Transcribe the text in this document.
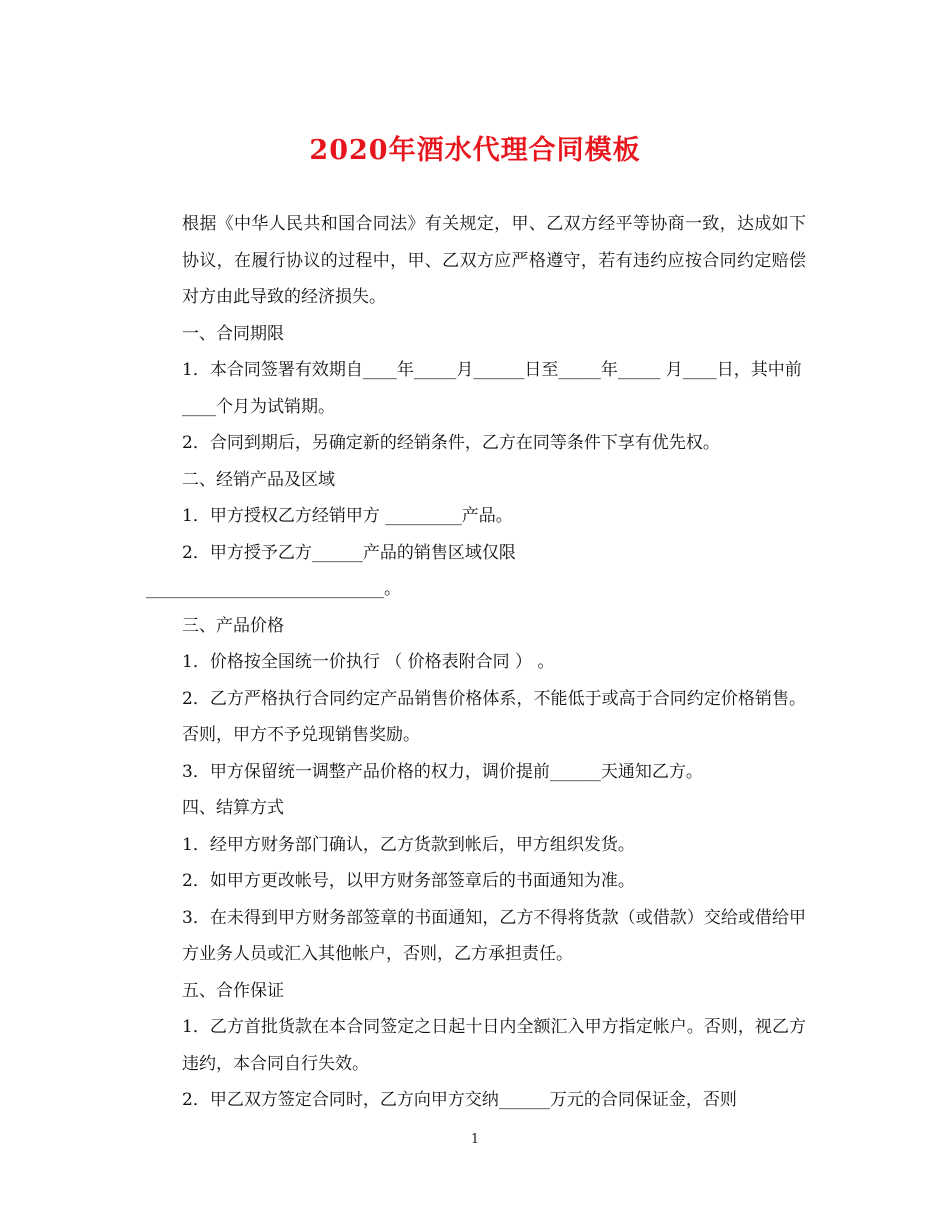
2020年酒水代理合同模板

根据《中华人民共和国合同法》有关规定，甲、乙双方经平等协商一致，达成如下协议，在履行协议的过程中，甲、乙双方应严格遵守，若有违约应按合同约定赔偿对方由此导致的经济损失。

一、合同期限

1．本合同签署有效期自____年_____月______日至_____年_____ 月____日，其中前____个月为试销期。

2．合同到期后，另确定新的经销条件，乙方在同等条件下享有优先权。

二、经销产品及区域

1．甲方授权乙方经销甲方 _________产品。

2．甲方授予乙方______产品的销售区域仅限

____________________________。

三、产品价格

1．价格按全国统一价执行 （ 价格表附合同 ） 。

2．乙方严格执行合同约定产品销售价格体系，不能低于或高于合同约定价格销售。否则，甲方不予兑现销售奖励。

3．甲方保留统一调整产品价格的权力，调价提前______天通知乙方。

四、结算方式

1．经甲方财务部门确认，乙方货款到帐后，甲方组织发货。

2．如甲方更改帐号，以甲方财务部签章后的书面通知为准。

3．在未得到甲方财务部签章的书面通知，乙方不得将货款（或借款）交给或借给甲方业务人员或汇入其他帐户，否则，乙方承担责任。

五、合作保证

1．乙方首批货款在本合同签定之日起十日内全额汇入甲方指定帐户。否则，视乙方违约，本合同自行失效。

2．甲乙双方签定合同时，乙方向甲方交纳______万元的合同保证金，否则

1
